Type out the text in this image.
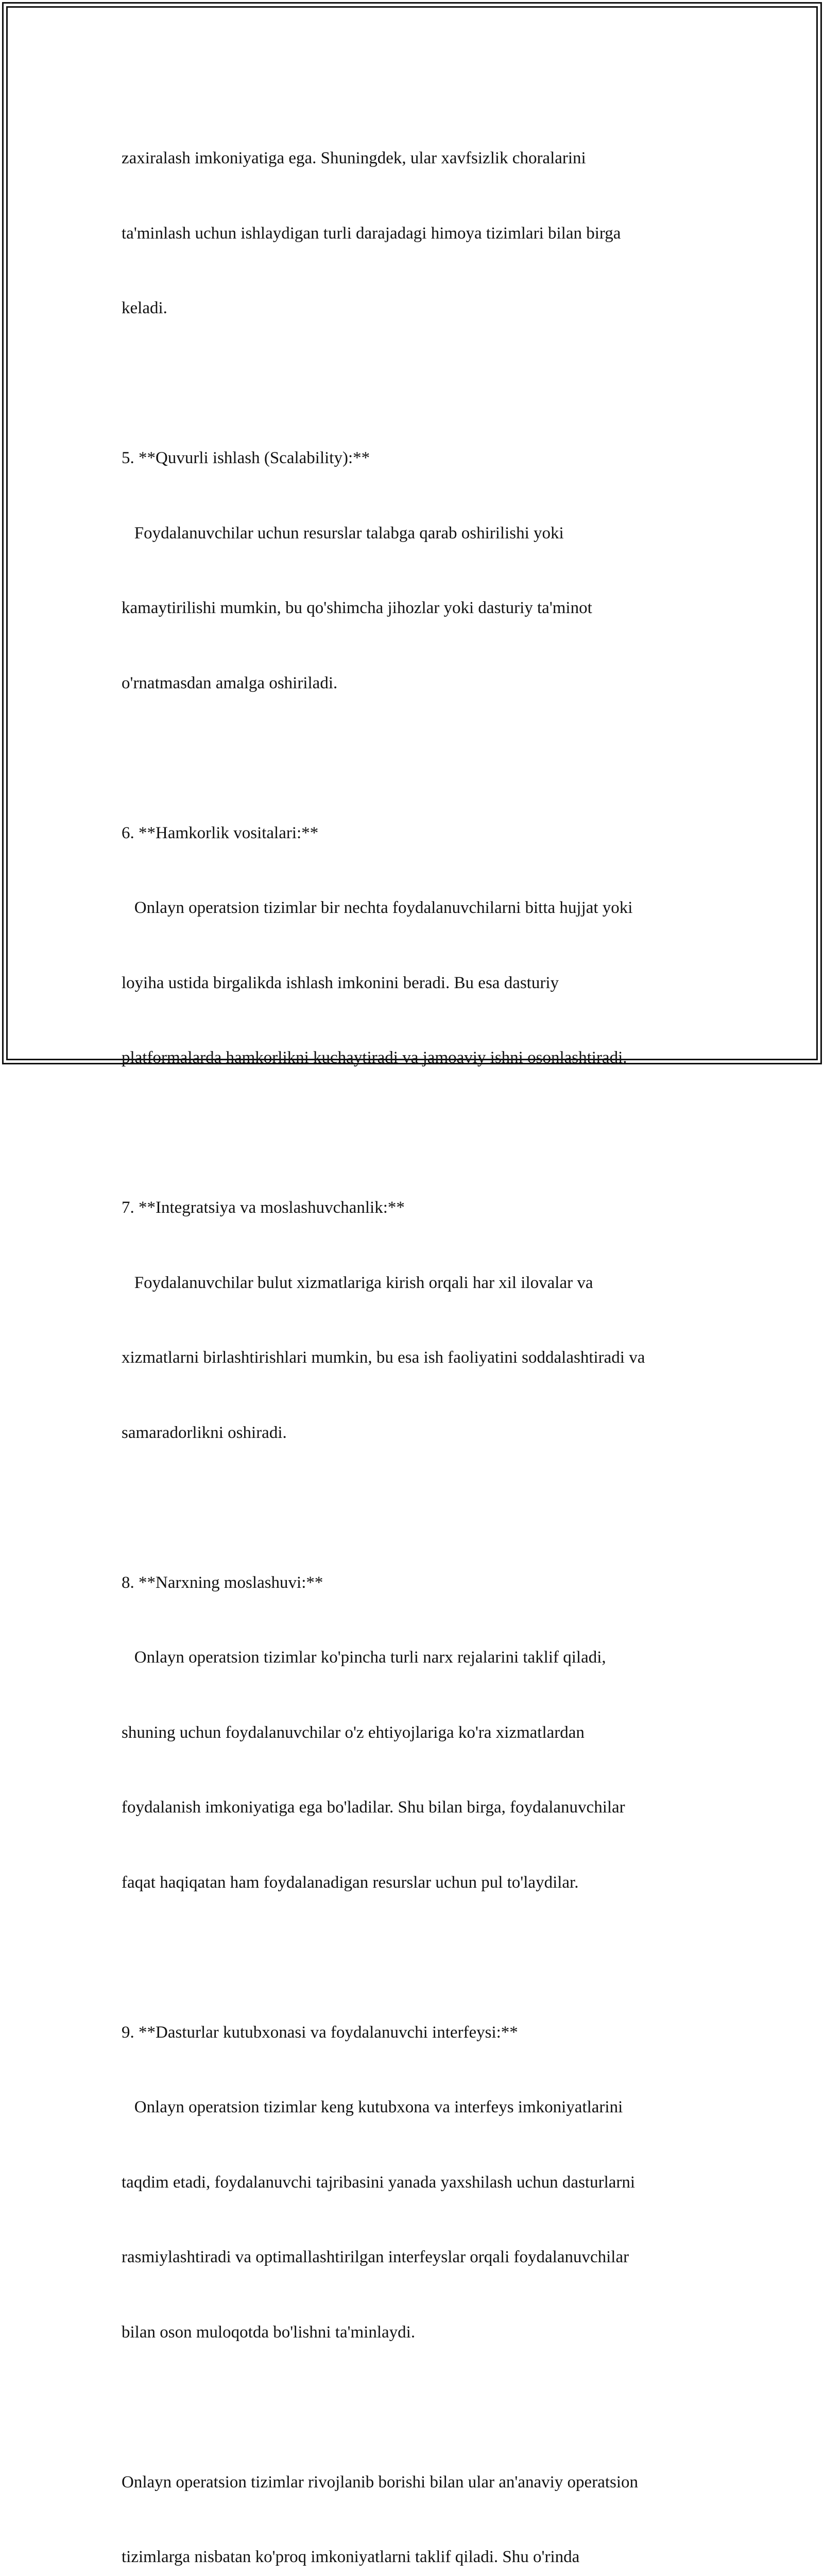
zaxiralash imkoniyatiga ega. Shuningdek, ular xavfsizlik choralarini

ta'minlash uchun ishlaydigan turli darajadagi himoya tizimlari bilan birga

keladi.

5. **Quvurli ishlash (Scalability):**

Foydalanuvchilar uchun resurslar talabga qarab oshirilishi yoki

kamaytirilishi mumkin, bu qo'shimcha jihozlar yoki dasturiy ta'minot

o'rnatmasdan amalga oshiriladi.

6. **Hamkorlik vositalari:**

Onlayn operatsion tizimlar bir nechta foydalanuvchilarni bitta hujjat yoki

loyiha ustida birgalikda ishlash imkonini beradi. Bu esa dasturiy

platformalarda hamkorlikni kuchaytiradi va jamoaviy ishni osonlashtiradi.

7. **Integratsiya va moslashuvchanlik:**

Foydalanuvchilar bulut xizmatlariga kirish orqali har xil ilovalar va

xizmatlarni birlashtirishlari mumkin, bu esa ish faoliyatini soddalashtiradi va

samaradorlikni oshiradi.

8. **Narxning moslashuvi:**

Onlayn operatsion tizimlar ko'pincha turli narx rejalarini taklif qiladi,

shuning uchun foydalanuvchilar o'z ehtiyojlariga ko'ra xizmatlardan

foydalanish imkoniyatiga ega bo'ladilar. Shu bilan birga, foydalanuvchilar

faqat haqiqatan ham foydalanadigan resurslar uchun pul to'laydilar.

9. **Dasturlar kutubxonasi va foydalanuvchi interfeysi:**

Onlayn operatsion tizimlar keng kutubxona va interfeys imkoniyatlarini

taqdim etadi, foydalanuvchi tajribasini yanada yaxshilash uchun dasturlarni

rasmiylashtiradi va optimallashtirilgan interfeyslar orqali foydalanuvchilar

bilan oson muloqotda bo'lishni ta'minlaydi.

Onlayn operatsion tizimlar rivojlanib borishi bilan ular an'anaviy operatsion

tizimlarga nisbatan ko'proq imkoniyatlarni taklif qiladi. Shu o'rinda
